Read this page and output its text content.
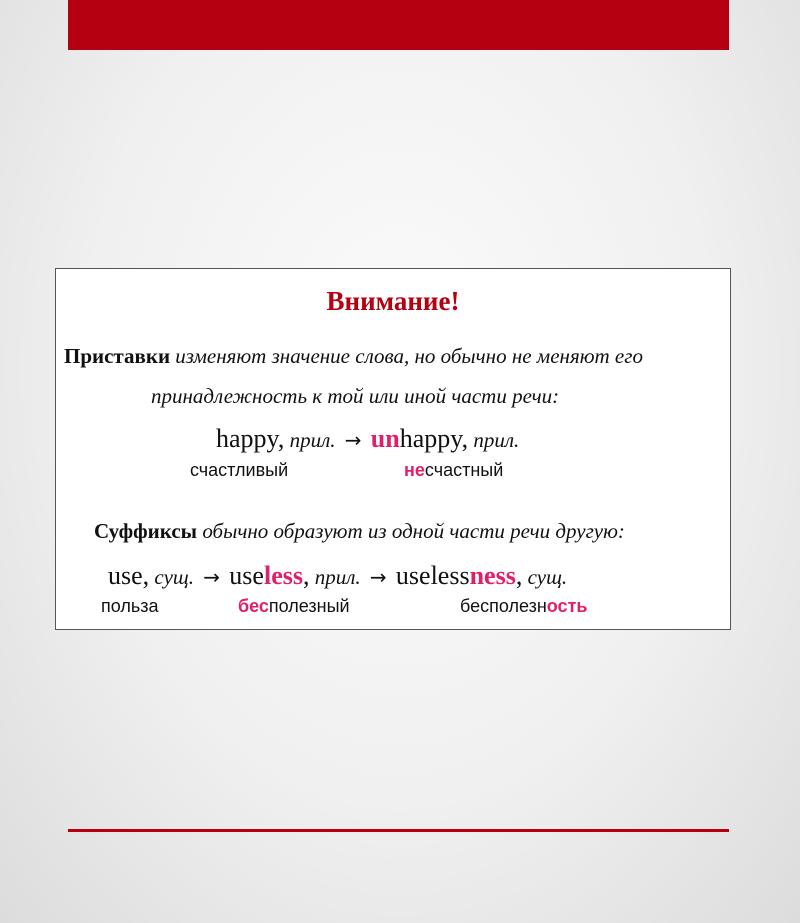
Внимание!
Приставки изменяют значение слова, но обычно не меняют его
принадлежность к той или иной части речи:
happy, прил. → unhappy, прил.
счастливый	несчастный
Суффиксы обычно образуют из одной части речи другую:
use, сущ. → useless, прил. → uselessness, сущ.
польза	бесполезный	бесполезность
